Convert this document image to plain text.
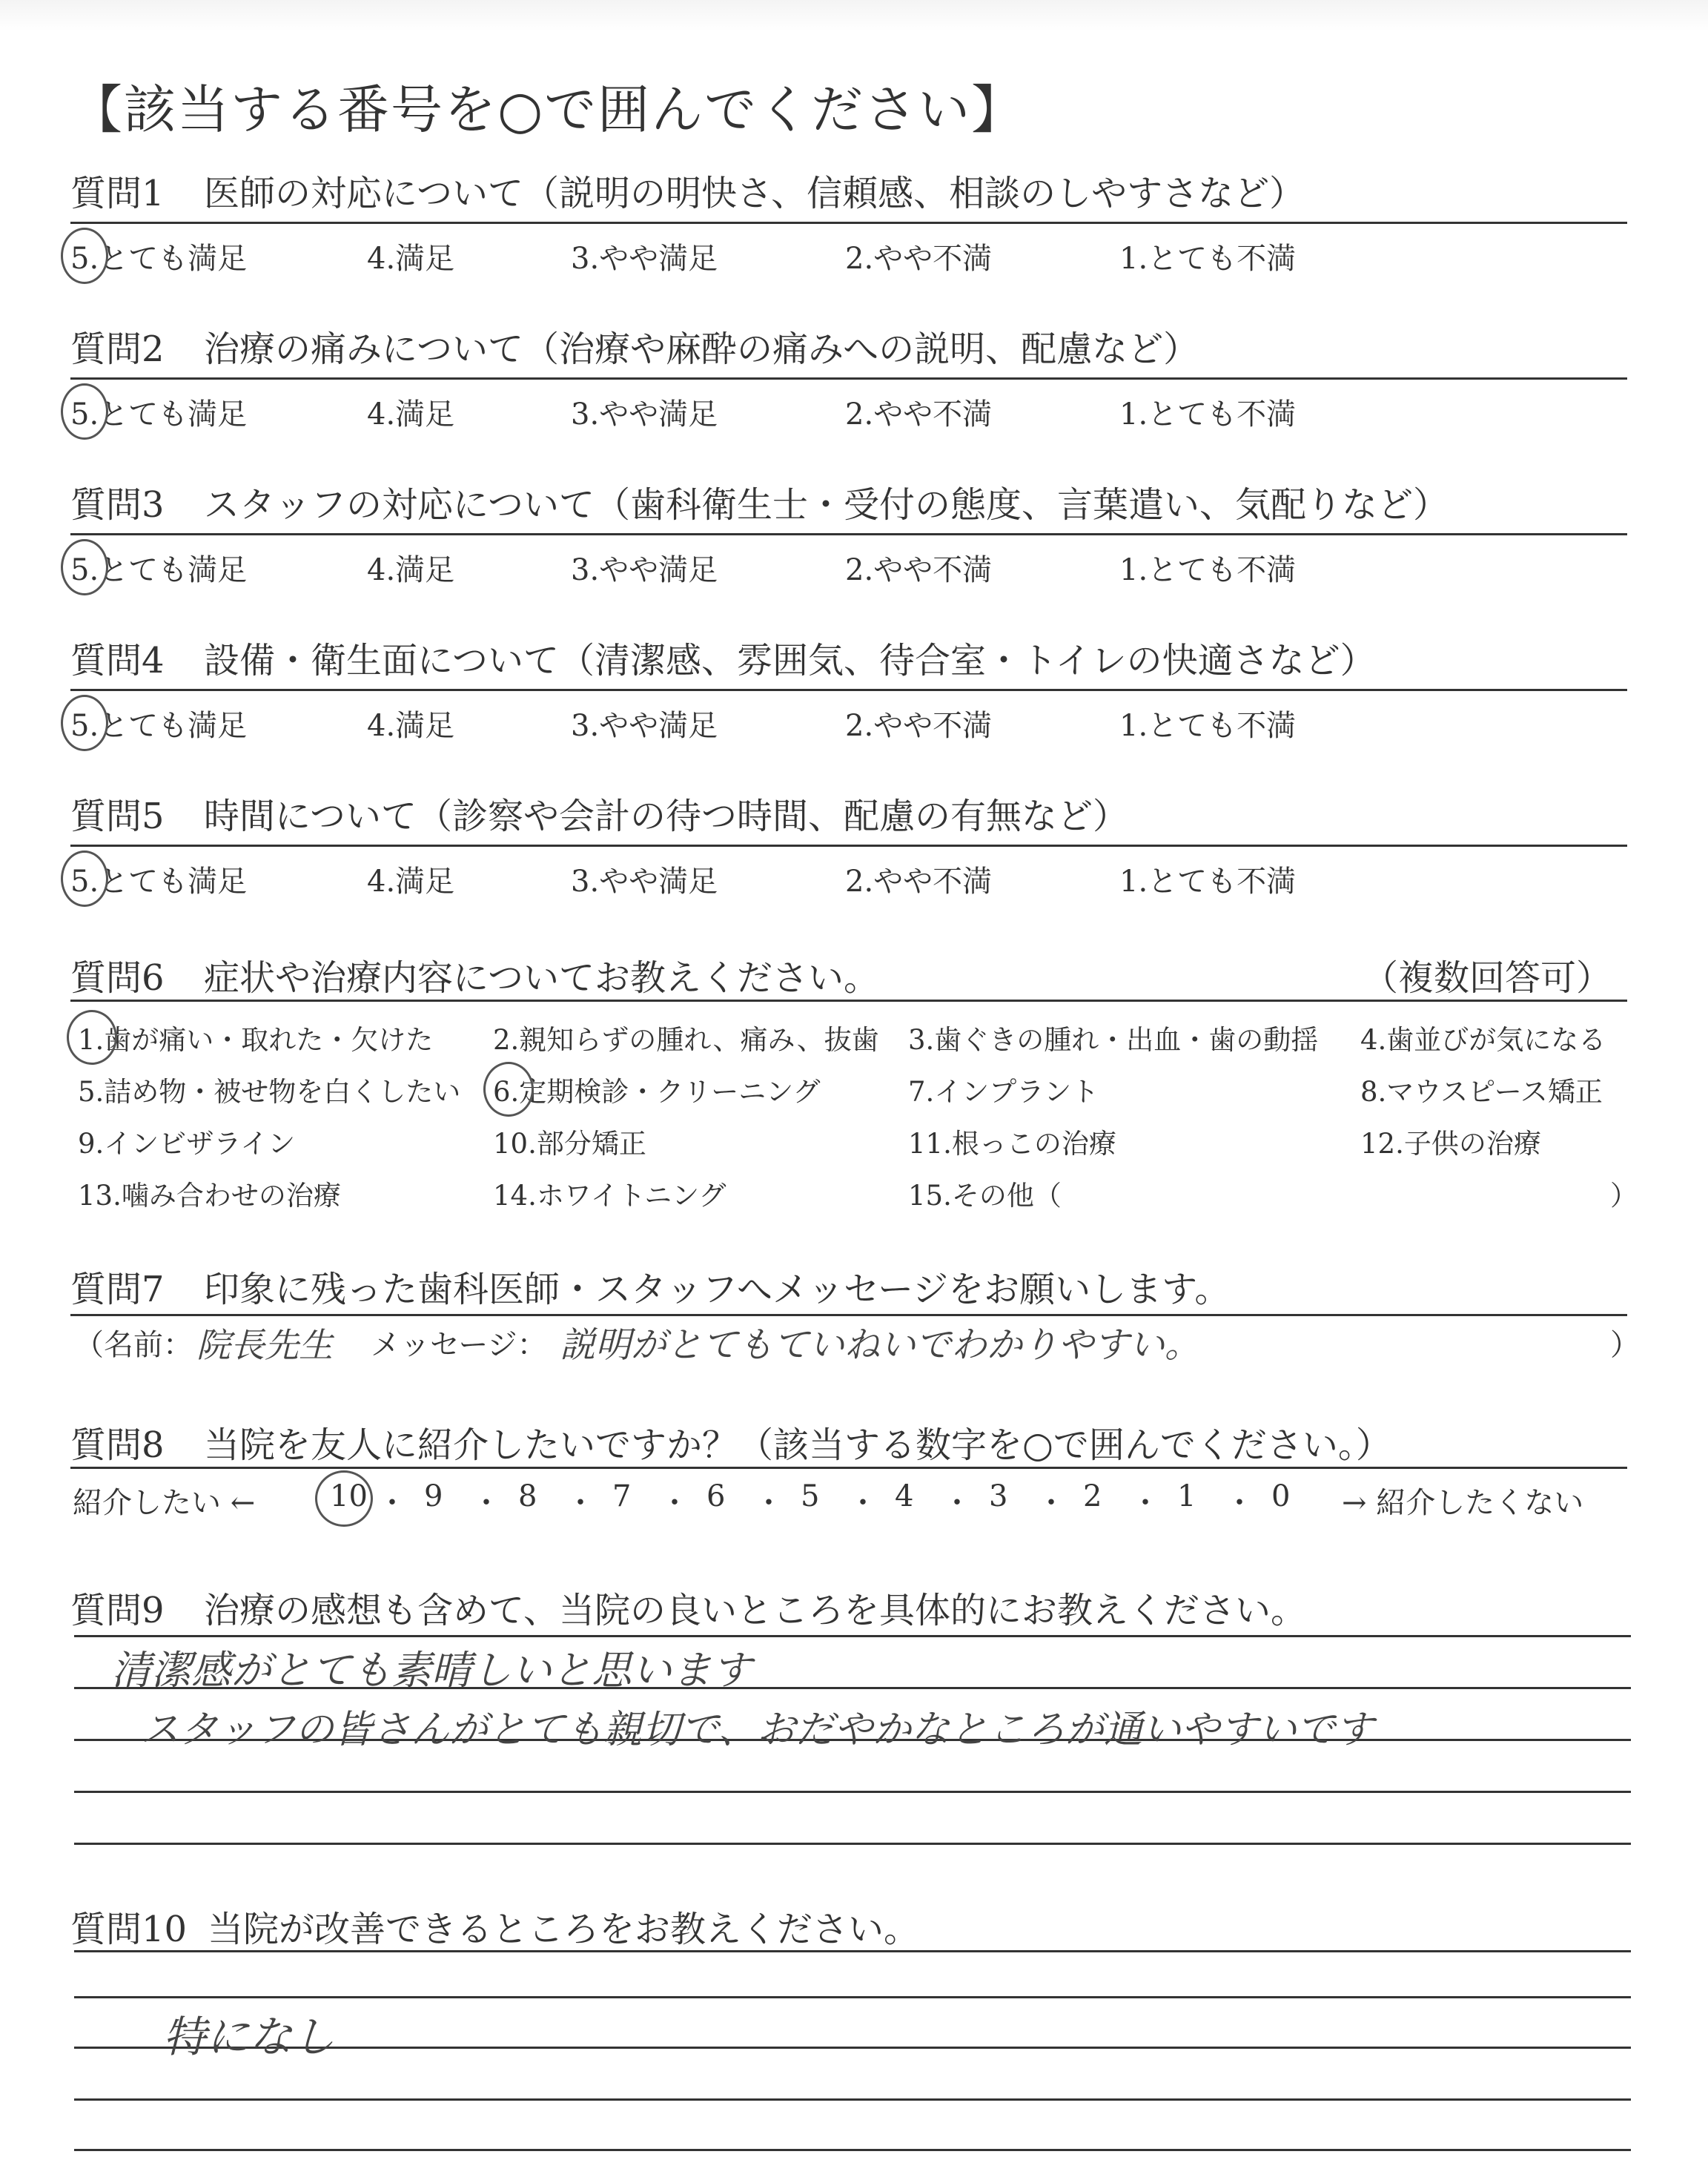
【該当する番号を○で囲んでください】
質問1 医師の対応について（説明の明快さ、信頼感、相談のしやすさなど）
5.とても満足	4.満足	3.やや満足	2.やや不満	1.とても不満
質問2 治療の痛みについて（治療や麻酔の痛みへの説明、配慮など）
5.とても満足	4.満足	3.やや満足	2.やや不満	1.とても不満
質問3 スタッフの対応について（歯科衛生士・受付の態度、言葉遣い、気配りなど）
5.とても満足	4.満足	3.やや満足	2.やや不満	1.とても不満
質問4 設備・衛生面について（清潔感、雰囲気、待合室・トイレの快適さなど）
5.とても満足	4.満足	3.やや満足	2.やや不満	1.とても不満
質問5 時間について（診察や会計の待つ時間、配慮の有無など）
5.とても満足	4.満足	3.やや満足	2.やや不満	1.とても不満
質問6 症状や治療内容についてお教えください。	（複数回答可）
1.歯が痛い・取れた・欠けた 2.親知らずの腫れ、痛み、抜歯 3.歯ぐきの腫れ・出血・歯の動揺 4.歯並びが気になる
5.詰め物・被せ物を白くしたい 6.定期検診・クリーニング	7.インプラント	8.マウスピース矯正
9.インビザライン	10.部分矯正	11.根っこの治療	12.子供の治療
13.噛み合わせの治療	14.ホワイトニング	15.その他（	）
質問7 印象に残った歯科医師・スタッフへメッセージをお願いします。
（名前： 院長先生 メッセージ： 説明がとてもていねいでわかりやすい。	）
質問8 当院を友人に紹介したいですか？（該当する数字を○で囲んでください。）
紹介したい ←	10 ・ 9 ・ 8 ・ 7 ・ 6 ・ 5 ・ 4 ・ 3 ・ 2 ・ 1 ・ 0 → 紹介したくない
質問9 治療の感想も含めて、当院の良いところを具体的にお教えください。
清潔感がとても素晴しいと思います
スタッフの皆さんがとても親切で、おだやかなところが通いやすいです
質問10 当院が改善できるところをお教えください。
特になし
